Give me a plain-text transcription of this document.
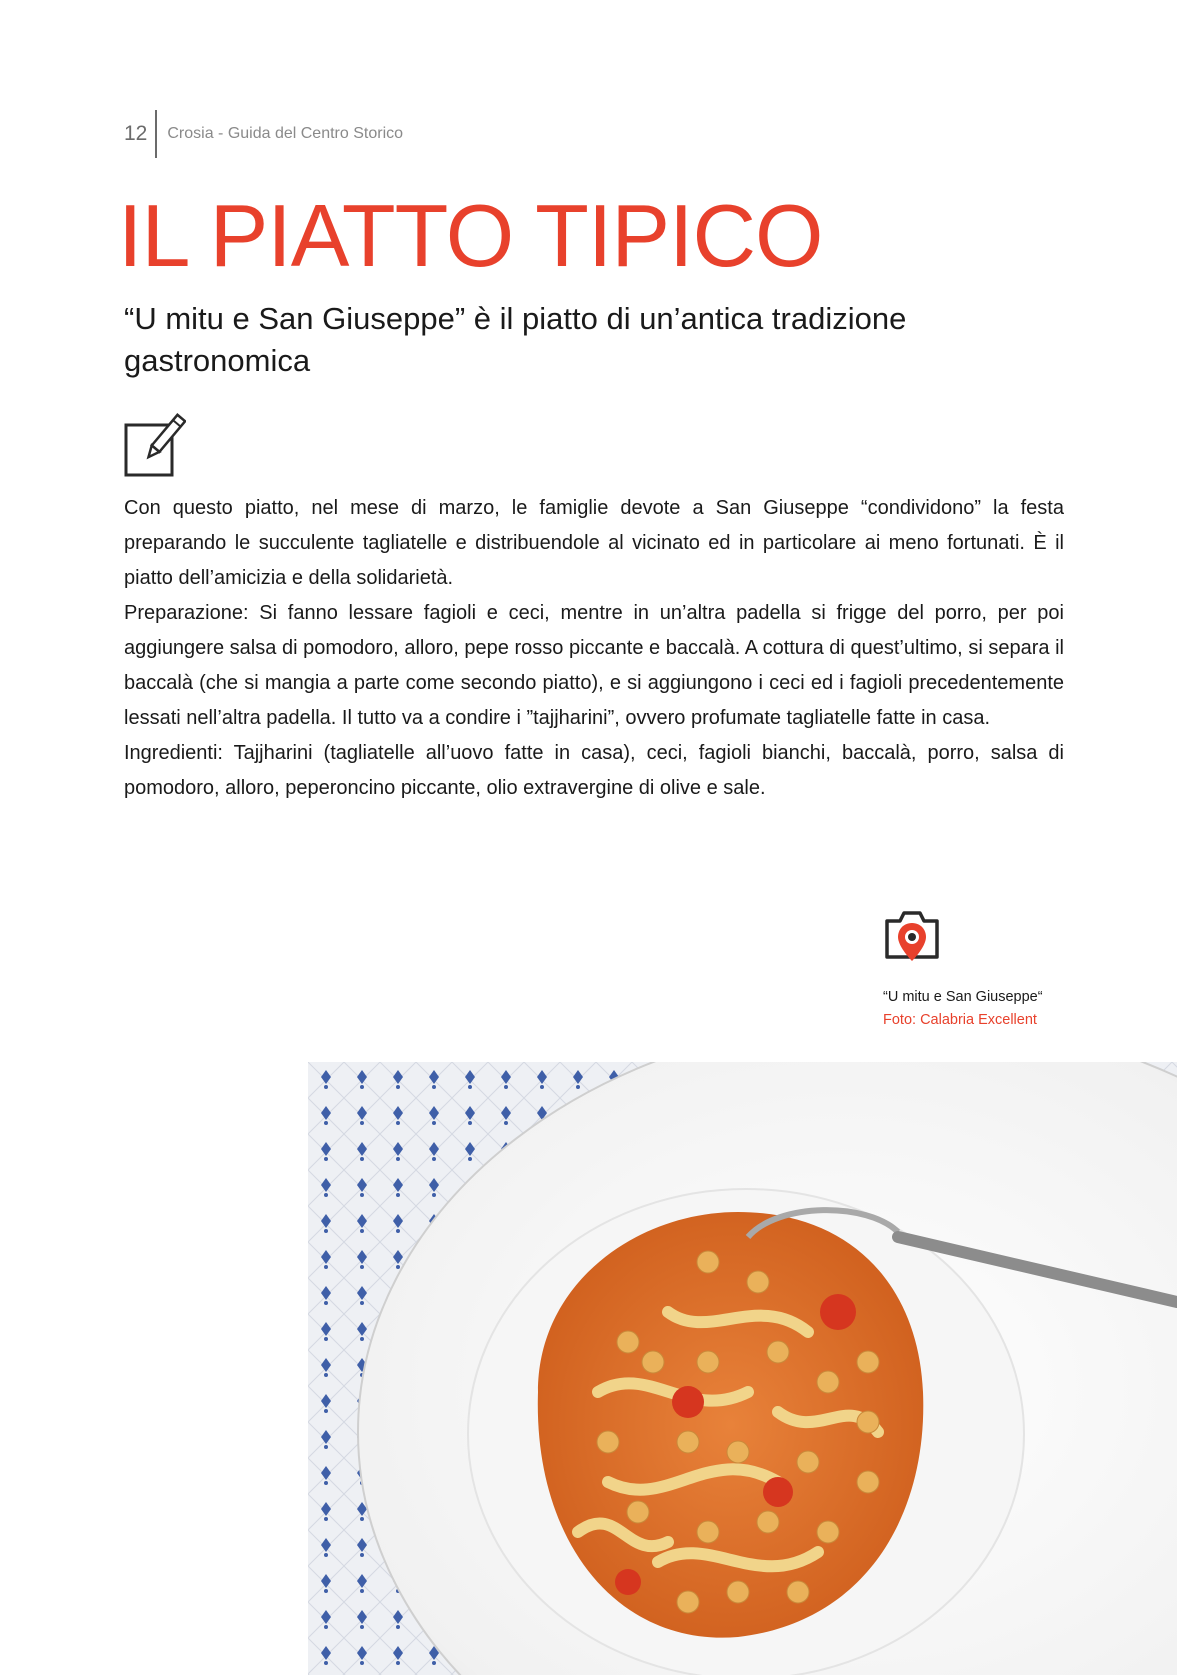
12	Crosia - Guida del Centro Storico
IL PIATTO TIPICO
“U mitu e San Giuseppe” è il piatto di un’antica tradizione gastronomica

Con questo piatto, nel mese di marzo, le famiglie devote a San Giuseppe “condividono” la festa preparando le succulente tagliatelle e distribuendole al vicinato ed in particolare ai meno fortunati. È il piatto dell’amicizia e della solidarietà.

Preparazione: Si fanno lessare fagioli e ceci, mentre in un’altra padella si frigge del porro, per poi aggiungere salsa di pomodoro, alloro, pepe rosso piccante e baccalà. A cottura di quest’ultimo, si separa il baccalà (che si mangia a parte come secondo piatto), e si aggiungono i ceci ed i fagioli precedentemente lessati nell’altra padella. Il tutto va a condire i ”tajjharini”, ovvero profumate tagliatelle fatte in casa.

Ingredienti: Tajjharini (tagliatelle all’uovo fatte in casa), ceci, fagioli bianchi, baccalà, porro, salsa di pomodoro, alloro, peperoncino piccante, olio extravergine di olive e sale.

“U mitu e San Giuseppe“
Foto: Calabria Excellent
